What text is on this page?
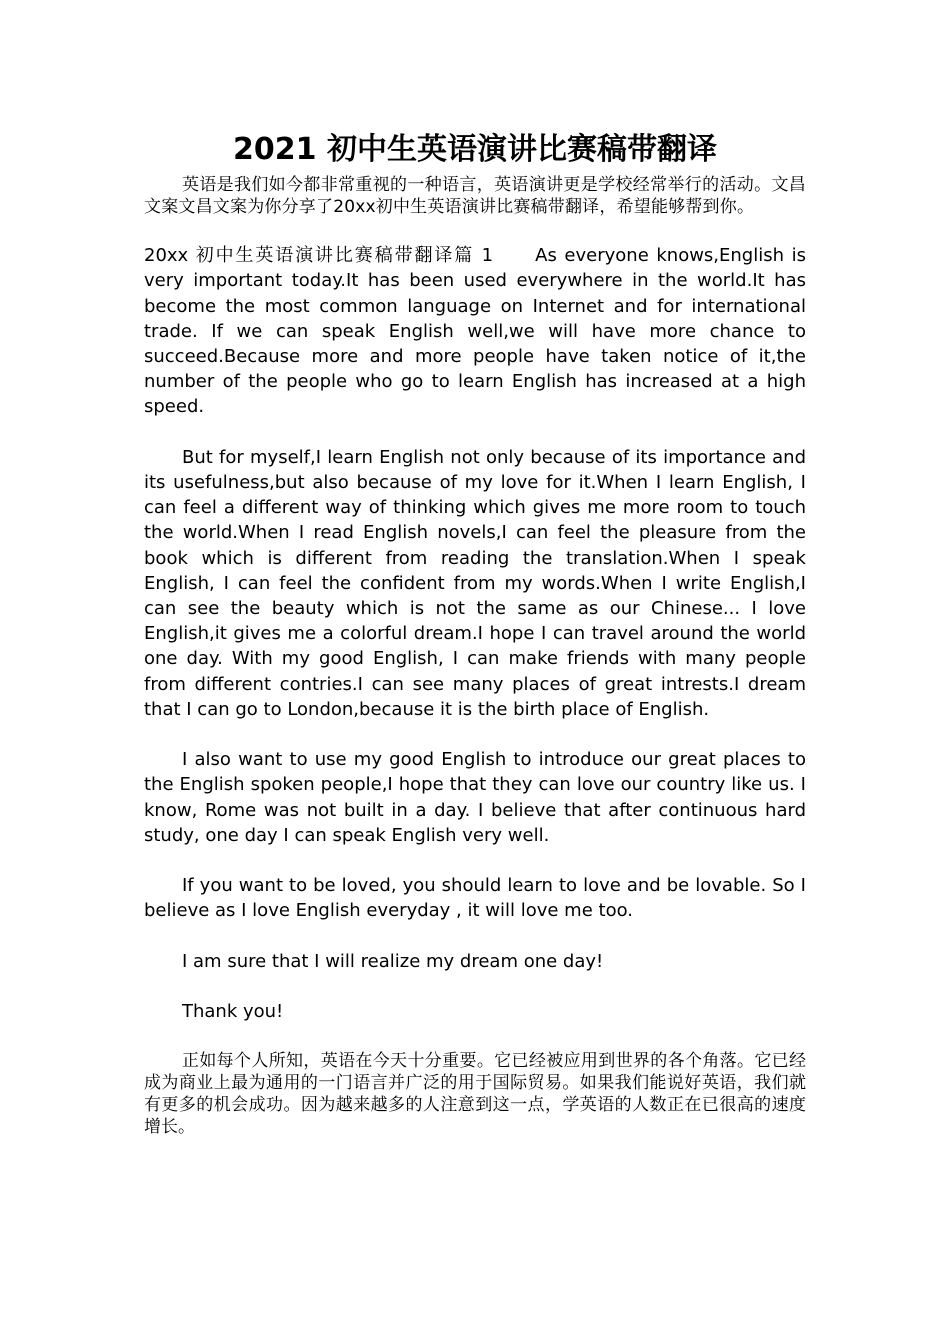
2021 初中生英语演讲比赛稿带翻译

英语是我们如今都非常重视的一种语言，英语演讲更是学校经常举行的活动。文昌文案文昌文案为你分享了20xx初中生英语演讲比赛稿带翻译，希望能够帮到你。

20xx 初中生英语演讲比赛稿带翻译篇 1 As everyone knows,English is very important today.It has been used everywhere in the world.It has become the most common language on Internet and for international trade. If we can speak English well,we will have more chance to succeed.Because more and more people have taken notice of it,the number of the people who go to learn English has increased at a high speed.

But for myself,I learn English not only because of its importance and its usefulness,but also because of my love for it.When I learn English, I can feel a different way of thinking which gives me more room to touch the world.When I read English novels,I can feel the pleasure from the book which is different from reading the translation.When I speak English, I can feel the confident from my words.When I write English,I can see the beauty which is not the same as our Chinese... I love English,it gives me a colorful dream.I hope I can travel around the world one day. With my good English, I can make friends with many people from different contries.I can see many places of great intrests.I dream that I can go to London,because it is the birth place of English.

I also want to use my good English to introduce our great places to the English spoken people,I hope that they can love our country like us. I know, Rome was not built in a day. I believe that after continuous hard study, one day I can speak English very well.

If you want to be loved, you should learn to love and be lovable. So I believe as I love English everyday , it will love me too.

I am sure that I will realize my dream one day!

Thank you!

正如每个人所知，英语在今天十分重要。它已经被应用到世界的各个角落。它已经成为商业上最为通用的一门语言并广泛的用于国际贸易。如果我们能说好英语，我们就有更多的机会成功。因为越来越多的人注意到这一点，学英语的人数正在已很高的速度增长。
